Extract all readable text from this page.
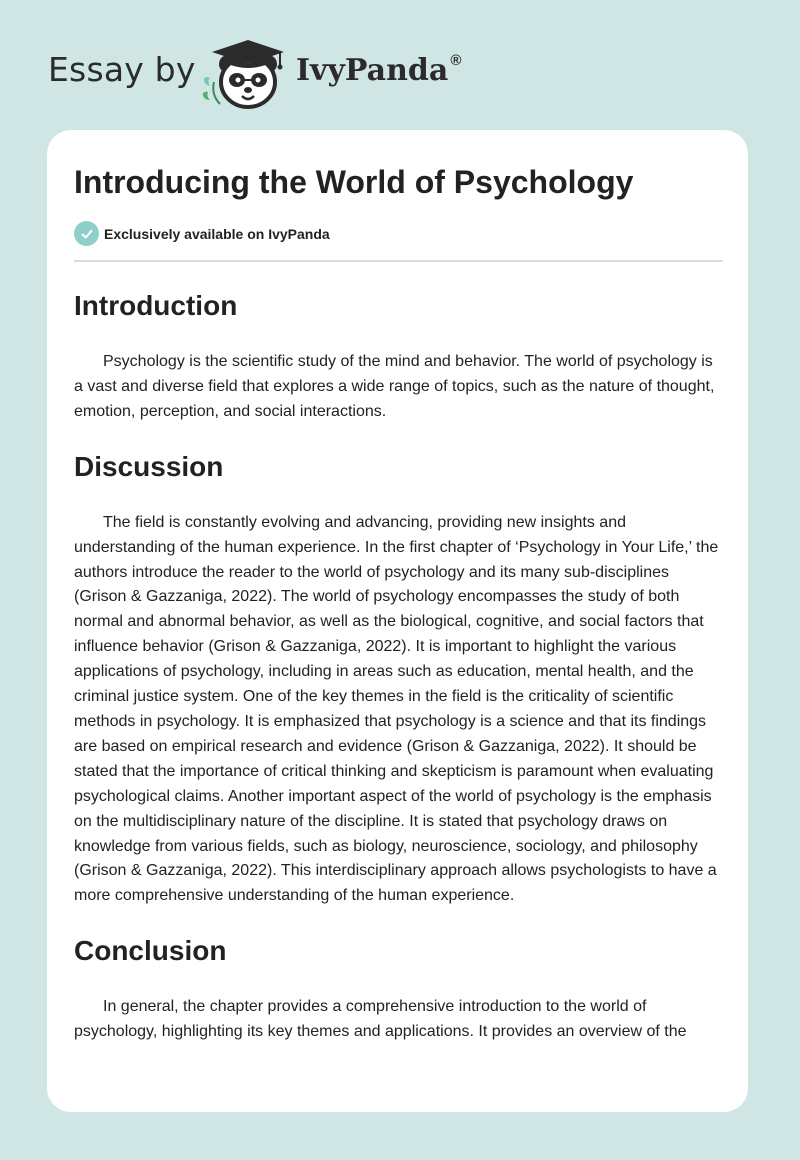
Essay by	IvyPanda ®
Introducing the World of Psychology
Exclusively available on IvyPanda
Introduction

Psychology is the scientific study of the mind and behavior. The world of psychology is a vast and diverse field that explores a wide range of topics, such as the nature of thought, emotion, perception, and social interactions.

Discussion

The field is constantly evolving and advancing, providing new insights and understanding of the human experience. In the first chapter of ‘Psychology in Your Life,’ the authors introduce the reader to the world of psychology and its many sub-disciplines (Grison & Gazzaniga, 2022). The world of psychology encompasses the study of both normal and abnormal behavior, as well as the biological, cognitive, and social factors that influence behavior (Grison & Gazzaniga, 2022). It is important to highlight the various applications of psychology, including in areas such as education, mental health, and the criminal justice system. One of the key themes in the field is the criticality of scientific methods in psychology. It is emphasized that psychology is a science and that its findings are based on empirical research and evidence (Grison & Gazzaniga, 2022). It should be stated that the importance of critical thinking and skepticism is paramount when evaluating psychological claims. Another important aspect of the world of psychology is the emphasis on the multidisciplinary nature of the discipline. It is stated that psychology draws on knowledge from various fields, such as biology, neuroscience, sociology, and philosophy (Grison & Gazzaniga, 2022). This interdisciplinary approach allows psychologists to have a more comprehensive understanding of the human experience.

Conclusion

In general, the chapter provides a comprehensive introduction to the world of psychology, highlighting its key themes and applications. It provides an overview of the
